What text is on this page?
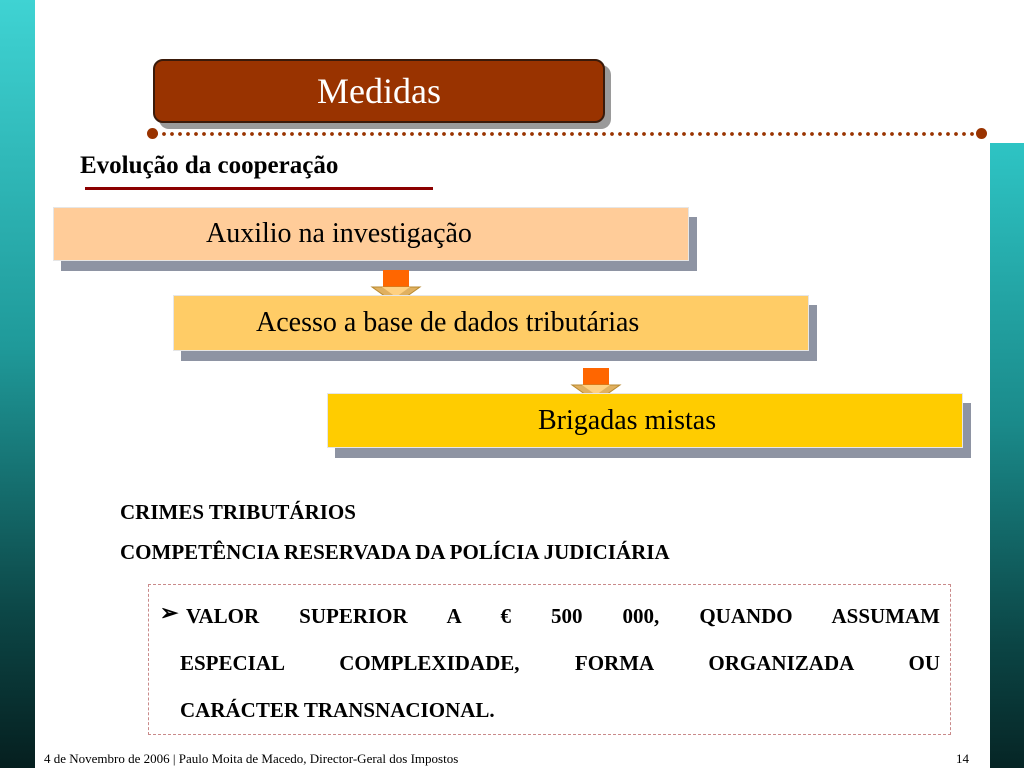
Medidas
Evolução da cooperação
Auxilio na investigação
Acesso a base de dados tributárias
Brigadas mistas
CRIMES TRIBUTÁRIOS
COMPETÊNCIA RESERVADA DA POLÍCIA JUDICIÁRIA
➢ VALOR SUPERIOR A € 500 000, QUANDO ASSUMAM
ESPECIAL COMPLEXIDADE, FORMA ORGANIZADA OU
CARÁCTER TRANSNACIONAL.
4 de Novembro de 2006 | Paulo Moita de Macedo, Director-Geral dos Impostos	14
